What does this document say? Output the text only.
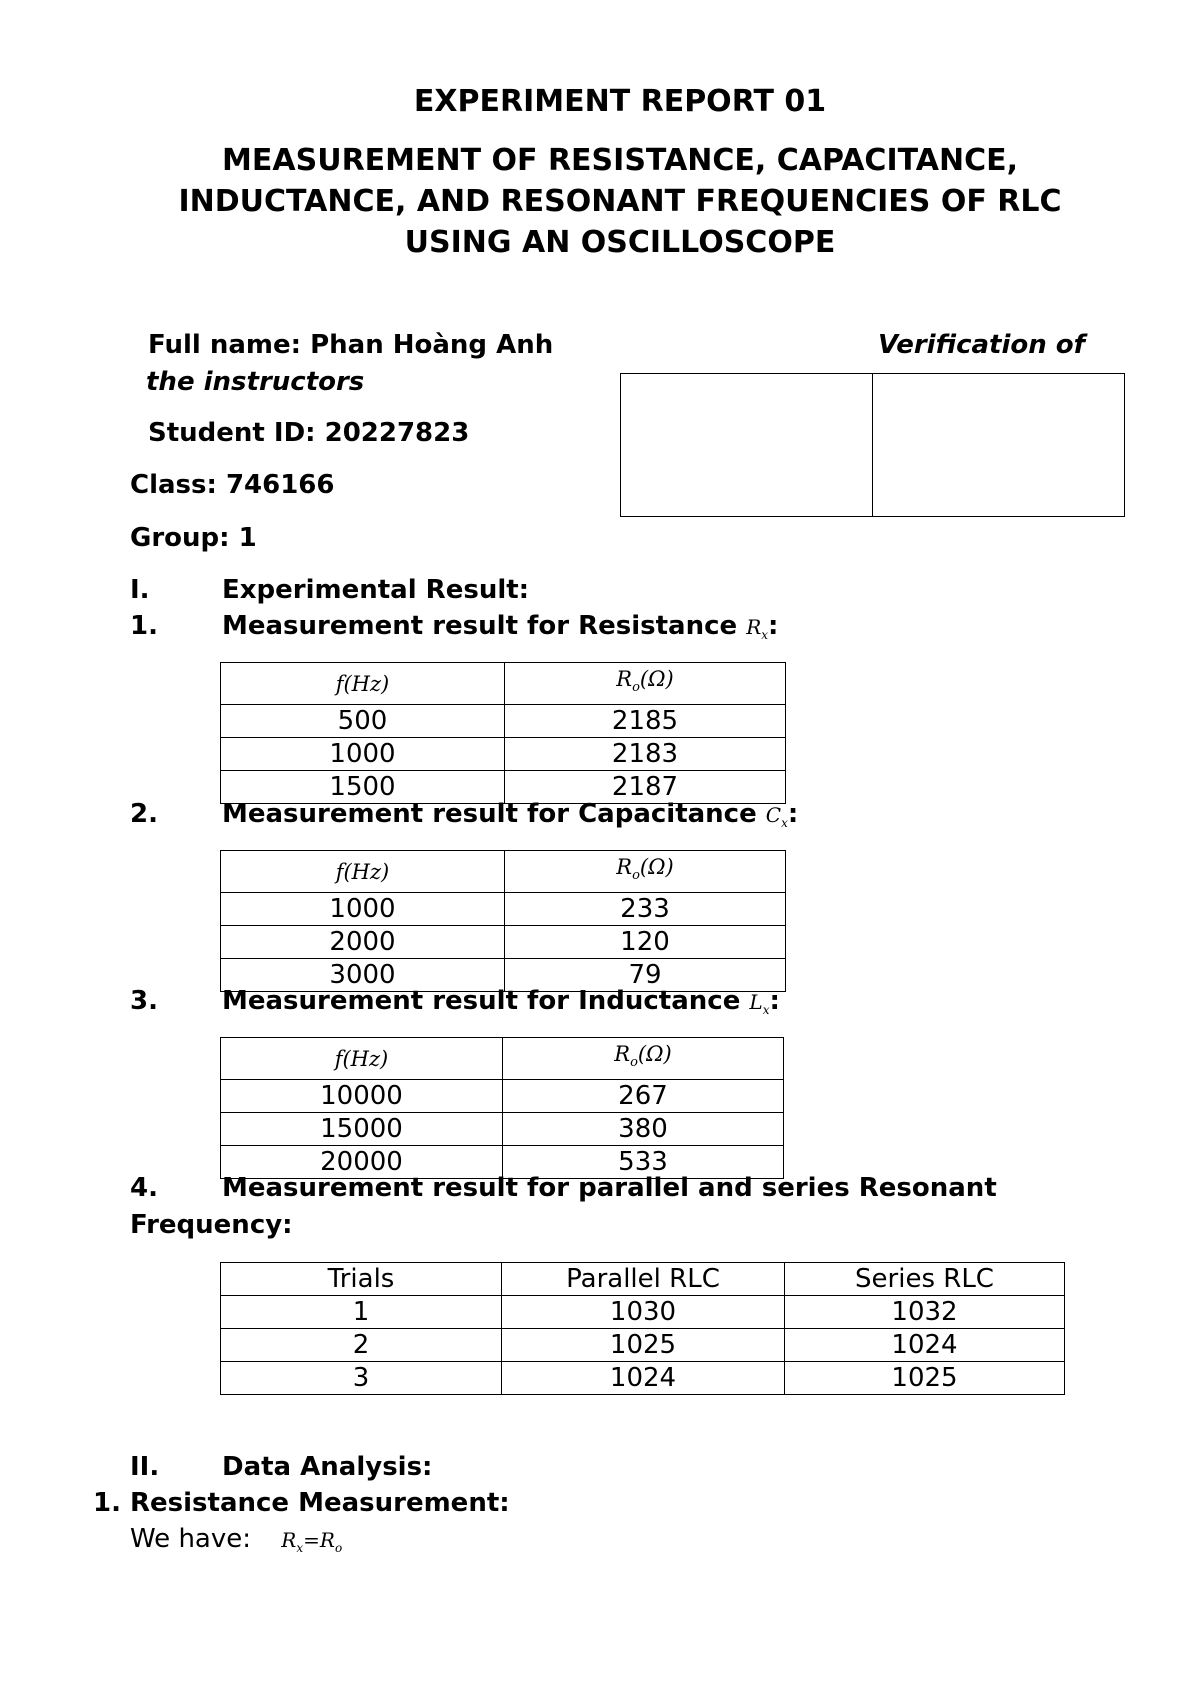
EXPERIMENT REPORT 01
MEASUREMENT OF RESISTANCE, CAPACITANCE,
INDUCTANCE, AND RESONANT FREQUENCIES OF RLC
USING AN OSCILLOSCOPE
Full name: Phan Hoàng Anh	Verification of
the instructors
Student ID: 20227823
Class: 746166
Group: 1

I.	Experimental Result:
1. Measurement result for Resistance $R_x$:
f(Hz)	$R_o(\Omega)$
500	2185
1000	2183
1500	2187
2. Measurement result for Capacitance $C_x$:
f(Hz)	$R_o(\Omega)$
1000	233
2000	120
3000	79
3. Measurement result for Inductance $L_x$:
f(Hz)	$R_o(\Omega)$
10000	267
15000	380
20000	533
4. Measurement result for parallel and series Resonant
Frequency:
Trials	Parallel RLC	Series RLC
1	1030	1032
2	1025	1024
3	1024	1025
II. Data Analysis:
1. Resistance Measurement:
We have: $R_x=R_o$
